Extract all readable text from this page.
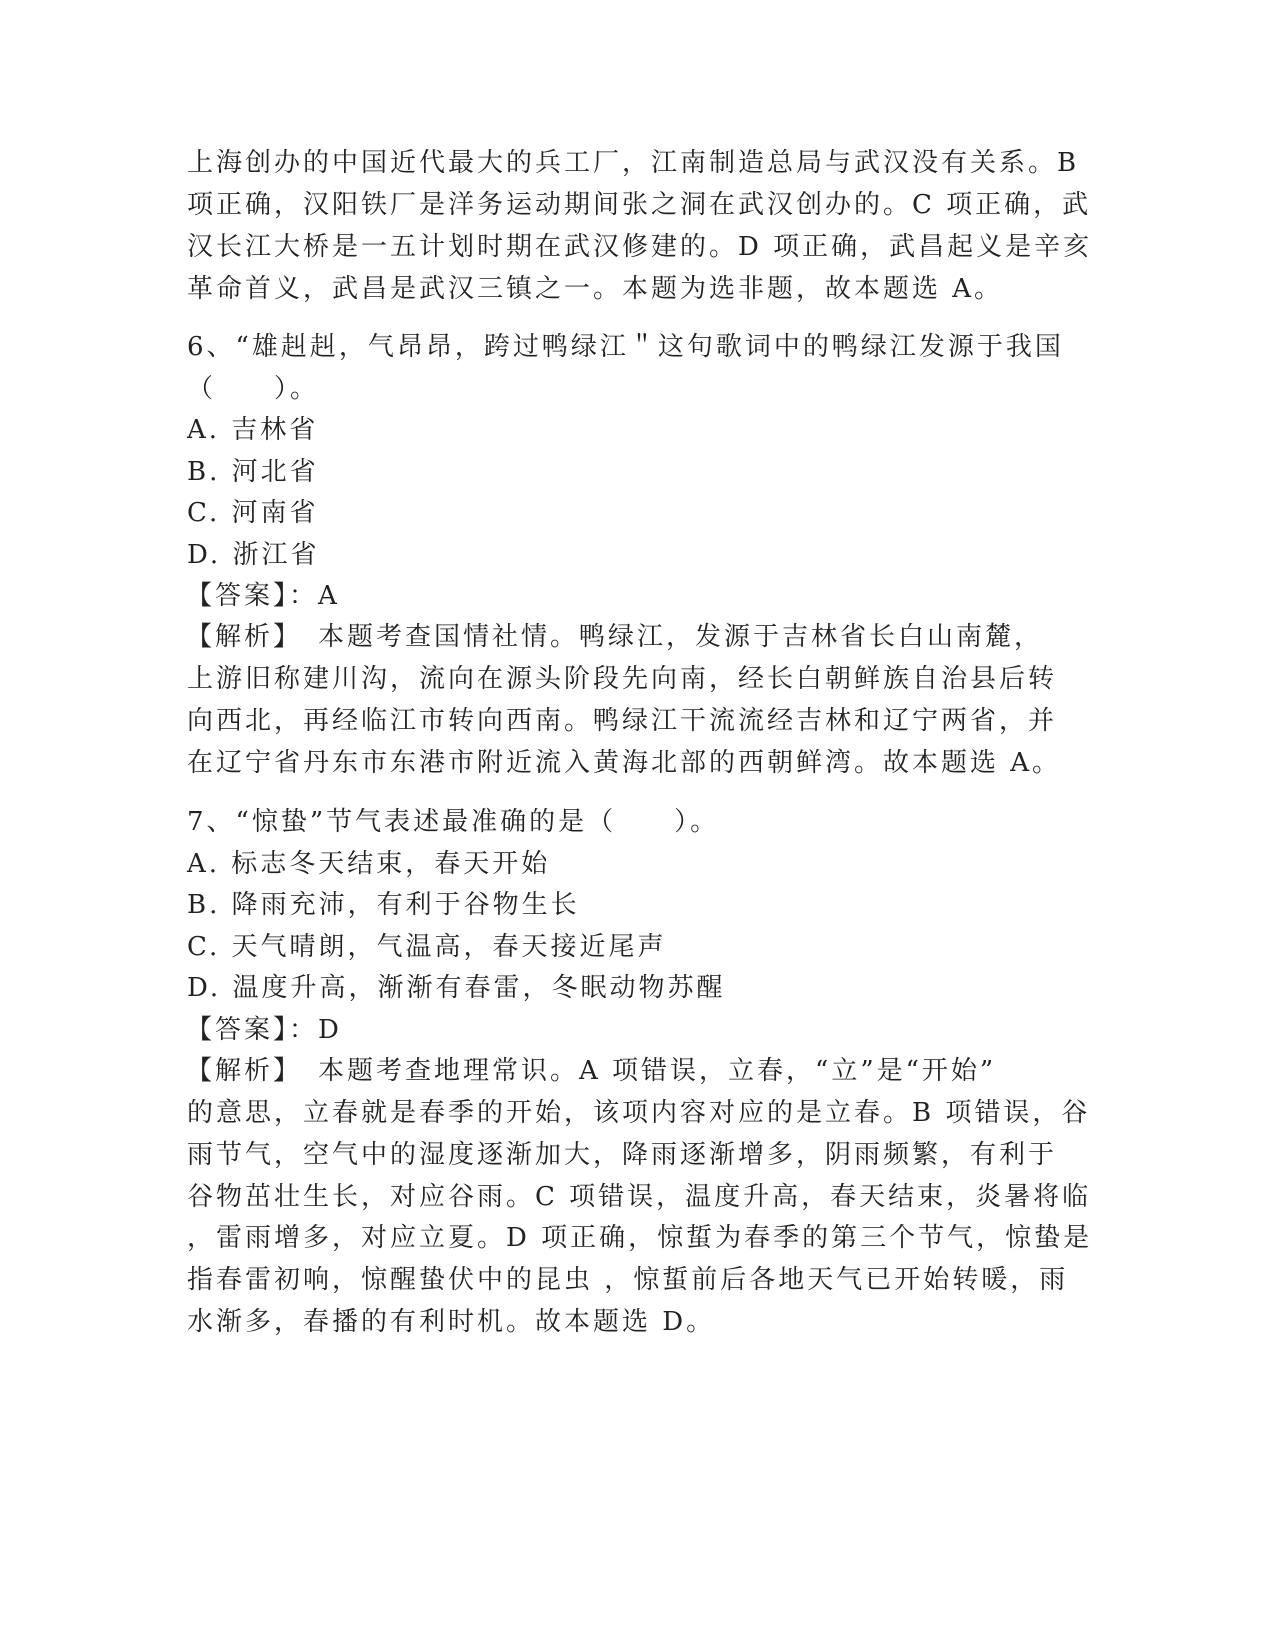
上海创办的中国近代最大的兵工厂，江南制造总局与武汉没有关系。B
项正确，汉阳铁厂是洋务运动期间张之洞在武汉创办的。C 项正确，武
汉长江大桥是一五计划时期在武汉修建的。D 项正确，武昌起义是辛亥
革命首义，武昌是武汉三镇之一。本题为选非题，故本题选 A。
6、“雄赳赳，气昂昂，跨过鸭绿江＂这句歌词中的鸭绿江发源于我国
（　　）。
A. 吉林省
B. 河北省
C. 河南省
D. 浙江省
【答案】：A
【解析】　本题考查国情社情。鸭绿江，发源于吉林省长白山南麓，
上游旧称建川沟，流向在源头阶段先向南，经长白朝鲜族自治县后转
向西北，再经临江市转向西南。鸭绿江干流流经吉林和辽宁两省，并
在辽宁省丹东市东港市附近流入黄海北部的西朝鲜湾。故本题选 A。
7、“惊蛰”节气表述最准确的是（　　）。
A. 标志冬天结束，春天开始
B. 降雨充沛，有利于谷物生长
C. 天气晴朗，气温高，春天接近尾声
D. 温度升高，渐渐有春雷，冬眠动物苏醒
【答案】：D
【解析】　本题考查地理常识。A 项错误，立春，“立”是“开始”
的意思，立春就是春季的开始，该项内容对应的是立春。B 项错误，谷
雨节气，空气中的湿度逐渐加大，降雨逐渐增多，阴雨频繁，有利于
谷物茁壮生长，对应谷雨。C 项错误，温度升高，春天结束，炎暑将临
，雷雨增多，对应立夏。D 项正确，惊蜇为春季的第三个节气，惊蛰是
指春雷初响，惊醒蛰伏中的昆虫 ，惊蜇前后各地天气已开始转暖，雨
水渐多，春播的有利时机。故本题选 D。
